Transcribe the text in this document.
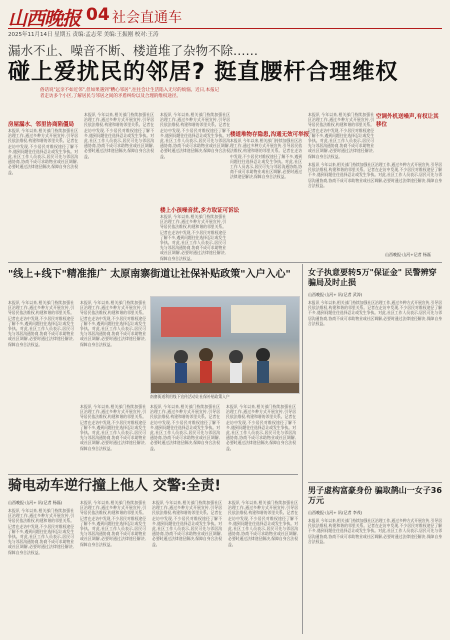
山西晚报 04 社会直通车
2025年11月14日 星期五 责编:孟志荣 美编:王振刚 校对:王涛
漏水不止、噪音不断、楼道堆了杂物不除……
碰上爱扰民的邻居? 挺直腰杆合理维权
俗话说"远亲不如近邻",但如果遇到"糟心邻居",往往会让生活陷入无尽的烦恼。近日,本报记者走访多个小区,了解居民与邻居之间的矛盾纠纷以及合理的维权途径。
房屋漏水、邻里协商陷僵局
本报讯 今年以来,相关部门持续加强社区治理工作,通过多种方式开展宣传,引导居民依法维权,构建和谐的邻里关系。记者在走访中发现,不少居民对维权途径了解不多,遇到问题往往选择忍让或发生争执。对此,社区工作人员表示,居民可先与邻居沟通协商,协商不成可求助物业或社区调解,必要时通过法律途径解决,保障自身合法权益。
本报讯 今年以来,相关部门持续加强社区治理工作,通过多种方式开展宣传,引导居民依法维权,构建和谐的邻里关系。记者在走访中发现,不少居民对维权途径了解不多,遇到问题往往选择忍让或发生争执。对此,社区工作人员表示,居民可先与邻居沟通协商,协商不成可求助物业或社区调解,必要时通过法律途径解决,保障自身合法权益。
本报讯 今年以来,相关部门持续加强社区治理工作,通过多种方式开展宣传,引导居民依法维权,构建和谐的邻里关系。记者在走访中发现,不少居民对维权途径了解不多,遇到问题往往选择忍让或发生争执。对此,社区工作人员表示,居民可先与邻居沟通协商,协商不成可求助物业或社区调解,必要时通过法律途径解决,保障自身合法权益。
楼道堆物存隐患,沟通无效可举报
本报讯 今年以来,相关部门持续加强社区治理工作,通过多种方式开展宣传,引导居民依法维权,构建和谐的邻里关系。记者在走访中发现,不少居民对维权途径了解不多,遇到问题往往选择忍让或发生争执。对此,社区工作人员表示,居民可先与邻居沟通协商,协商不成可求助物业或社区调解,必要时通过法律途径解决,保障自身合法权益。
楼上小孩噪音扰,多方取证可诉讼
本报讯 今年以来,相关部门持续加强社区治理工作,通过多种方式开展宣传,引导居民依法维权,构建和谐的邻里关系。记者在走访中发现,不少居民对维权途径了解不多,遇到问题往往选择忍让或发生争执。对此,社区工作人员表示,居民可先与邻居沟通协商,协商不成可求助物业或社区调解,必要时通过法律途径解决,保障自身合法权益。
本报讯 今年以来,相关部门持续加强社区治理工作,通过多种方式开展宣传,引导居民依法维权,构建和谐的邻里关系。记者在走访中发现,不少居民对维权途径了解不多,遇到问题往往选择忍让或发生争执。对此,社区工作人员表示,居民可先与邻居沟通协商,协商不成可求助物业或社区调解,必要时通过法律途径解决,保障自身合法权益。
空调外机送噪声,有权让其移位
本报讯 今年以来,相关部门持续加强社区治理工作,通过多种方式开展宣传,引导居民依法维权,构建和谐的邻里关系。记者在走访中发现,不少居民对维权途径了解不多,遇到问题往往选择忍让或发生争执。对此,社区工作人员表示,居民可先与邻居沟通协商,协商不成可求助物业或社区调解,必要时通过法律途径解决,保障自身合法权益。
山西晚报·山河+记者 杨磊
"线上+线下"精准推广 太原南寨街道让社保补贴政策"入户入心"
本报讯 今年以来,相关部门持续加强社区治理工作,通过多种方式开展宣传,引导居民依法维权,构建和谐的邻里关系。记者在走访中发现,不少居民对维权途径了解不多,遇到问题往往选择忍让或发生争执。对此,社区工作人员表示,居民可先与邻居沟通协商,协商不成可求助物业或社区调解,必要时通过法律途径解决,保障自身合法权益。
本报讯 今年以来,相关部门持续加强社区治理工作,通过多种方式开展宣传,引导居民依法维权,构建和谐的邻里关系。记者在走访中发现,不少居民对维权途径了解不多,遇到问题往往选择忍让或发生争执。对此,社区工作人员表示,居民可先与邻居沟通协商,协商不成可求助物业或社区调解,必要时通过法律途径解决,保障自身合法权益。
南寨街道利用线下宣传活动让社保补贴政策入户
本报讯 今年以来,相关部门持续加强社区治理工作,通过多种方式开展宣传,引导居民依法维权,构建和谐的邻里关系。记者在走访中发现,不少居民对维权途径了解不多,遇到问题往往选择忍让或发生争执。对此,社区工作人员表示,居民可先与邻居沟通协商,协商不成可求助物业或社区调解,必要时通过法律途径解决,保障自身合法权益。
本报讯 今年以来,相关部门持续加强社区治理工作,通过多种方式开展宣传,引导居民依法维权,构建和谐的邻里关系。记者在走访中发现,不少居民对维权途径了解不多,遇到问题往往选择忍让或发生争执。对此,社区工作人员表示,居民可先与邻居沟通协商,协商不成可求助物业或社区调解,必要时通过法律途径解决,保障自身合法权益。
本报讯 今年以来,相关部门持续加强社区治理工作,通过多种方式开展宣传,引导居民依法维权,构建和谐的邻里关系。记者在走访中发现,不少居民对维权途径了解不多,遇到问题往往选择忍让或发生争执。对此,社区工作人员表示,居民可先与邻居沟通协商,协商不成可求助物业或社区调解,必要时通过法律途径解决,保障自身合法权益。
女子执意要转5万"保证金" 民警辨穿骗局及时止损
山西晚报·山河+ 讯(记者 武涛)
本报讯 今年以来,相关部门持续加强社区治理工作,通过多种方式开展宣传,引导居民依法维权,构建和谐的邻里关系。记者在走访中发现,不少居民对维权途径了解不多,遇到问题往往选择忍让或发生争执。对此,社区工作人员表示,居民可先与邻居沟通协商,协商不成可求助物业或社区调解,必要时通过法律途径解决,保障自身合法权益。
男子虚构富豪身份 骗取鹊山一女子36万元
山西晚报·山河+ 讯(记者 李茂)
本报讯 今年以来,相关部门持续加强社区治理工作,通过多种方式开展宣传,引导居民依法维权,构建和谐的邻里关系。记者在走访中发现,不少居民对维权途径了解不多,遇到问题往往选择忍让或发生争执。对此,社区工作人员表示,居民可先与邻居沟通协商,协商不成可求助物业或社区调解,必要时通过法律途径解决,保障自身合法权益。
骑电动车逆行撞上他人 交警:全责!
山西晚报·山河+ 讯(记者 杨磊)
本报讯 今年以来,相关部门持续加强社区治理工作,通过多种方式开展宣传,引导居民依法维权,构建和谐的邻里关系。记者在走访中发现,不少居民对维权途径了解不多,遇到问题往往选择忍让或发生争执。对此,社区工作人员表示,居民可先与邻居沟通协商,协商不成可求助物业或社区调解,必要时通过法律途径解决,保障自身合法权益。
本报讯 今年以来,相关部门持续加强社区治理工作,通过多种方式开展宣传,引导居民依法维权,构建和谐的邻里关系。记者在走访中发现,不少居民对维权途径了解不多,遇到问题往往选择忍让或发生争执。对此,社区工作人员表示,居民可先与邻居沟通协商,协商不成可求助物业或社区调解,必要时通过法律途径解决,保障自身合法权益。
本报讯 今年以来,相关部门持续加强社区治理工作,通过多种方式开展宣传,引导居民依法维权,构建和谐的邻里关系。记者在走访中发现,不少居民对维权途径了解不多,遇到问题往往选择忍让或发生争执。对此,社区工作人员表示,居民可先与邻居沟通协商,协商不成可求助物业或社区调解,必要时通过法律途径解决,保障自身合法权益。
本报讯 今年以来,相关部门持续加强社区治理工作,通过多种方式开展宣传,引导居民依法维权,构建和谐的邻里关系。记者在走访中发现,不少居民对维权途径了解不多,遇到问题往往选择忍让或发生争执。对此,社区工作人员表示,居民可先与邻居沟通协商,协商不成可求助物业或社区调解,必要时通过法律途径解决,保障自身合法权益。
